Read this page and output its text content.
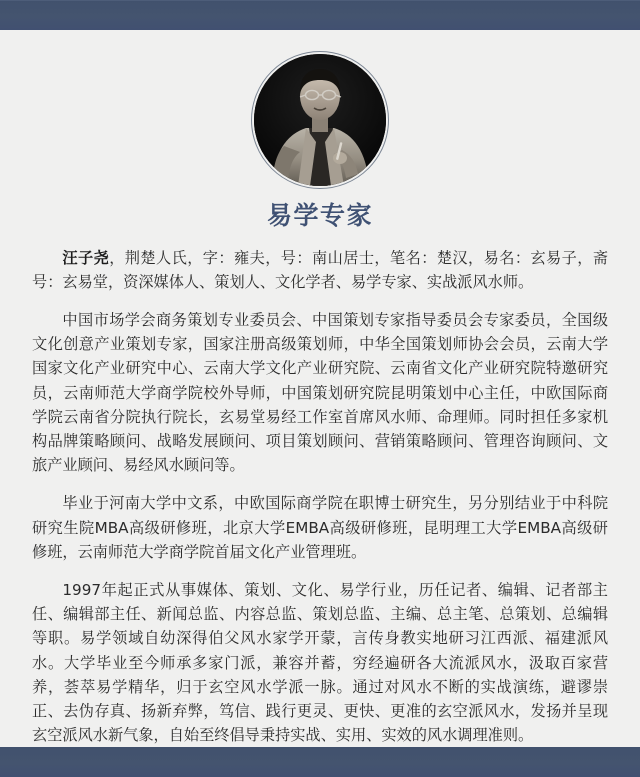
易学专家

汪子尧，荆楚人氏，字：雍夫，号：南山居士，笔名：楚汉，易名：玄易子，斋号：玄易堂，资深媒体人、策划人、文化学者、易学专家、实战派风水师。

中国市场学会商务策划专业委员会、中国策划专家指导委员会专家委员，全国级文化创意产业策划专家，国家注册高级策划师，中华全国策划师协会会员，云南大学国家文化产业研究中心、云南大学文化产业研究院、云南省文化产业研究院特邀研究员，云南师范大学商学院校外导师，中国策划研究院昆明策划中心主任，中欧国际商学院云南省分院执行院长，玄易堂易经工作室首席风水师、命理师。同时担任多家机构品牌策略顾问、战略发展顾问、项目策划顾问、营销策略顾问、管理咨询顾问、文旅产业顾问、易经风水顾问等。

毕业于河南大学中文系，中欧国际商学院在职博士研究生，另分别结业于中科院研究生院MBA高级研修班，北京大学EMBA高级研修班，昆明理工大学EMBA高级研修班，云南师范大学商学院首届文化产业管理班。

1997年起正式从事媒体、策划、文化、易学行业，历任记者、编辑、记者部主任、编辑部主任、新闻总监、内容总监、策划总监、主编、总主笔、总策划、总编辑等职。易学领域自幼深得伯父风水家学开蒙，言传身教实地研习江西派、福建派风水。大学毕业至今师承多家门派，兼容并蓄，穷经遍研各大流派风水，汲取百家营养，荟萃易学精华，归于玄空风水学派一脉。通过对风水不断的实战演练，避谬崇正、去伪存真、扬新弃弊，笃信、践行更灵、更快、更准的玄空派风水，发扬并呈现玄空派风水新气象，自始至终倡导秉持实战、实用、实效的风水调理准则。
